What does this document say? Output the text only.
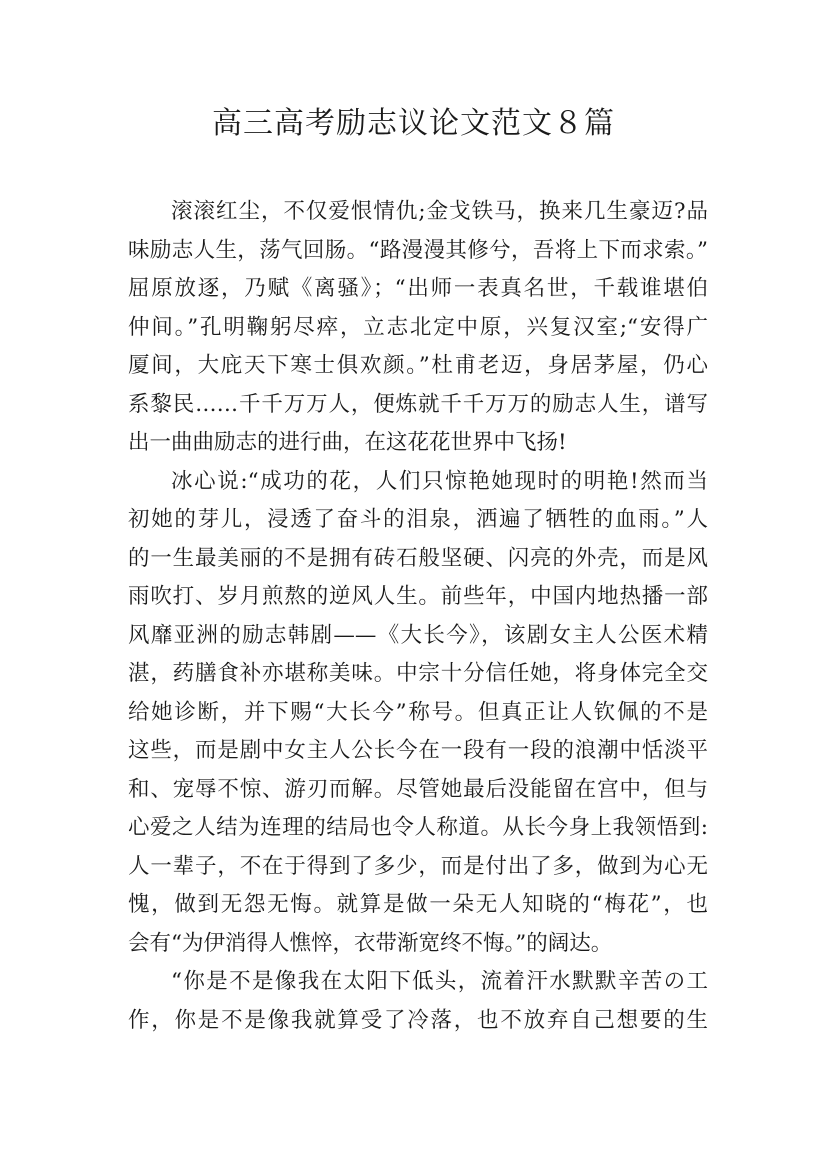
高三高考励志议论文范文８篇
滚滚红尘，不仅爱恨情仇;金戈铁马，换来几生豪迈?品
味励志人生，荡气回肠。“路漫漫其修兮，吾将上下而求索。”
屈原放逐，乃赋《离骚》；“出师一表真名世，千载谁堪伯
仲间。”孔明鞠躬尽瘁，立志北定中原，兴复汉室;“安得广
厦间，大庇天下寒士俱欢颜。”杜甫老迈，身居茅屋，仍心
系黎民……千千万万人，便炼就千千万万的励志人生，谱写
出一曲曲励志的进行曲，在这花花世界中飞扬!
冰心说:“成功的花，人们只惊艳她现时的明艳!然而当
初她的芽儿，浸透了奋斗的泪泉，洒遍了牺牲的血雨。”人
的一生最美丽的不是拥有砖石般坚硬、闪亮的外壳，而是风
雨吹打、岁月煎熬的逆风人生。前些年，中国内地热播一部
风靡亚洲的励志韩剧——《大长今》，该剧女主人公医术精
湛，药膳食补亦堪称美味。中宗十分信任她，将身体完全交
给她诊断，并下赐“大长今”称号。但真正让人钦佩的不是
这些，而是剧中女主人公长今在一段有一段的浪潮中恬淡平
和、宠辱不惊、游刃而解。尽管她最后没能留在宫中，但与
心爱之人结为连理的结局也令人称道。从长今身上我领悟到:
人一辈子，不在于得到了多少，而是付出了多，做到为心无
愧，做到无怨无悔。就算是做一朵无人知晓的“梅花”，也
会有“为伊消得人憔悴，衣带渐宽终不悔。”的阔达。
“你是不是像我在太阳下低头，流着汗水默默辛苦の工
作，你是不是像我就算受了冷落，也不放弃自己想要的生
